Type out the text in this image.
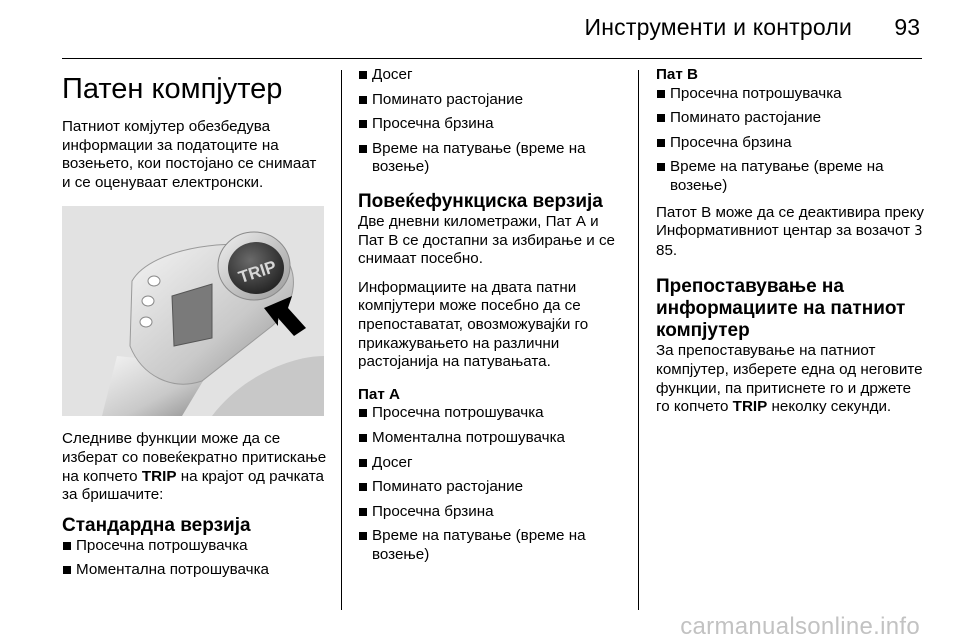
Инструменти и контроли 93
Патен компјутер

Патниот комјутер обезбедува информации за податоците на возењето, кои постојано се снимаат и се оценуваат електронски.

TRIP

Следниве функции може да се изберат со повеќекратно притискање на копчето TRIP на крајот од рачката за бришачите:

Стандардна верзија
Просечна потрошувачка
Моментална потрошувачка
Досег
Поминато растојание
Просечна брзина
Време на патување (време на возење)
Повеќефункциска верзија

Две дневни километражи, Пат А и Пат В се достапни за избирање и се снимаат посебно.

Информациите на двата патни компјутери може посебно да се препоставатат, овозможувајќи го прикажувањето на различни растојанија на патувањата.

Пат А
Просечна потрошувачка
Моментална потрошувачка
Досег
Поминато растојание
Просечна брзина
Време на патување (време на возење)
Пат В
Просечна потрошувачка
Поминато растојание
Просечна брзина
Време на патување (време на возење)

Патот В може да се деактивира преку Информативниот центар за возачот 3 85.

Препоставување на информациите на патниот компјутер

За препоставување на патниот компјутер, изберете една од неговите функции, па притиснете го и држете го копчето TRIP неколку секунди.

carmanualsonline.info
